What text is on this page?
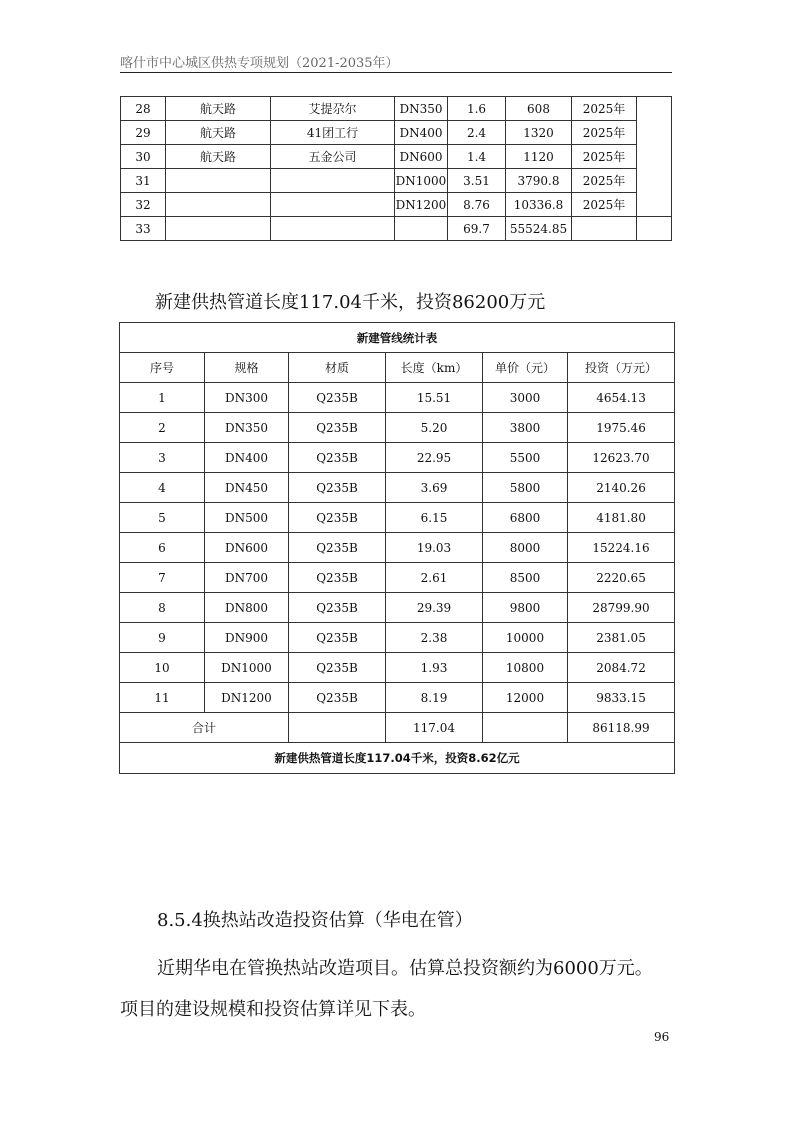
喀什市中心城区供热专项规划（2021-2035年）
28	航天路	艾提尕尔	DN350	1.6	608	2025年	
29	航天路	41团工行	DN400	2.4	1320	2025年	
30	航天路	五金公司	DN600	1.4	1120	2025年	
31			DN1000	3.51	3790.8	2025年	
32			DN1200	8.76	10336.8	2025年	
33				69.7	55524.85		
新建供热管道长度117.04千米，投资86200万元
新建管线统计表					
序号	规格	材质	长度（km）	单价（元）	投资（万元）
1	DN300	Q235B	15.51	3000	4654.13
2	DN350	Q235B	5.20	3800	1975.46
3	DN400	Q235B	22.95	5500	12623.70
4	DN450	Q235B	3.69	5800	2140.26
5	DN500	Q235B	6.15	6800	4181.80
6	DN600	Q235B	19.03	8000	15224.16
7	DN700	Q235B	2.61	8500	2220.65
8	DN800	Q235B	29.39	9800	28799.90
9	DN900	Q235B	2.38	10000	2381.05
10	DN1000	Q235B	1.93	10800	2084.72
11	DN1200	Q235B	8.19	12000	9833.15
合计			117.04		86118.99
新建供热管道长度117.04千米，投资8.62亿元					
8.5.4换热站改造投资估算（华电在管）
近期华电在管换热站改造项目。估算总投资额约为6000万元。
项目的建设规模和投资估算详见下表。
96
